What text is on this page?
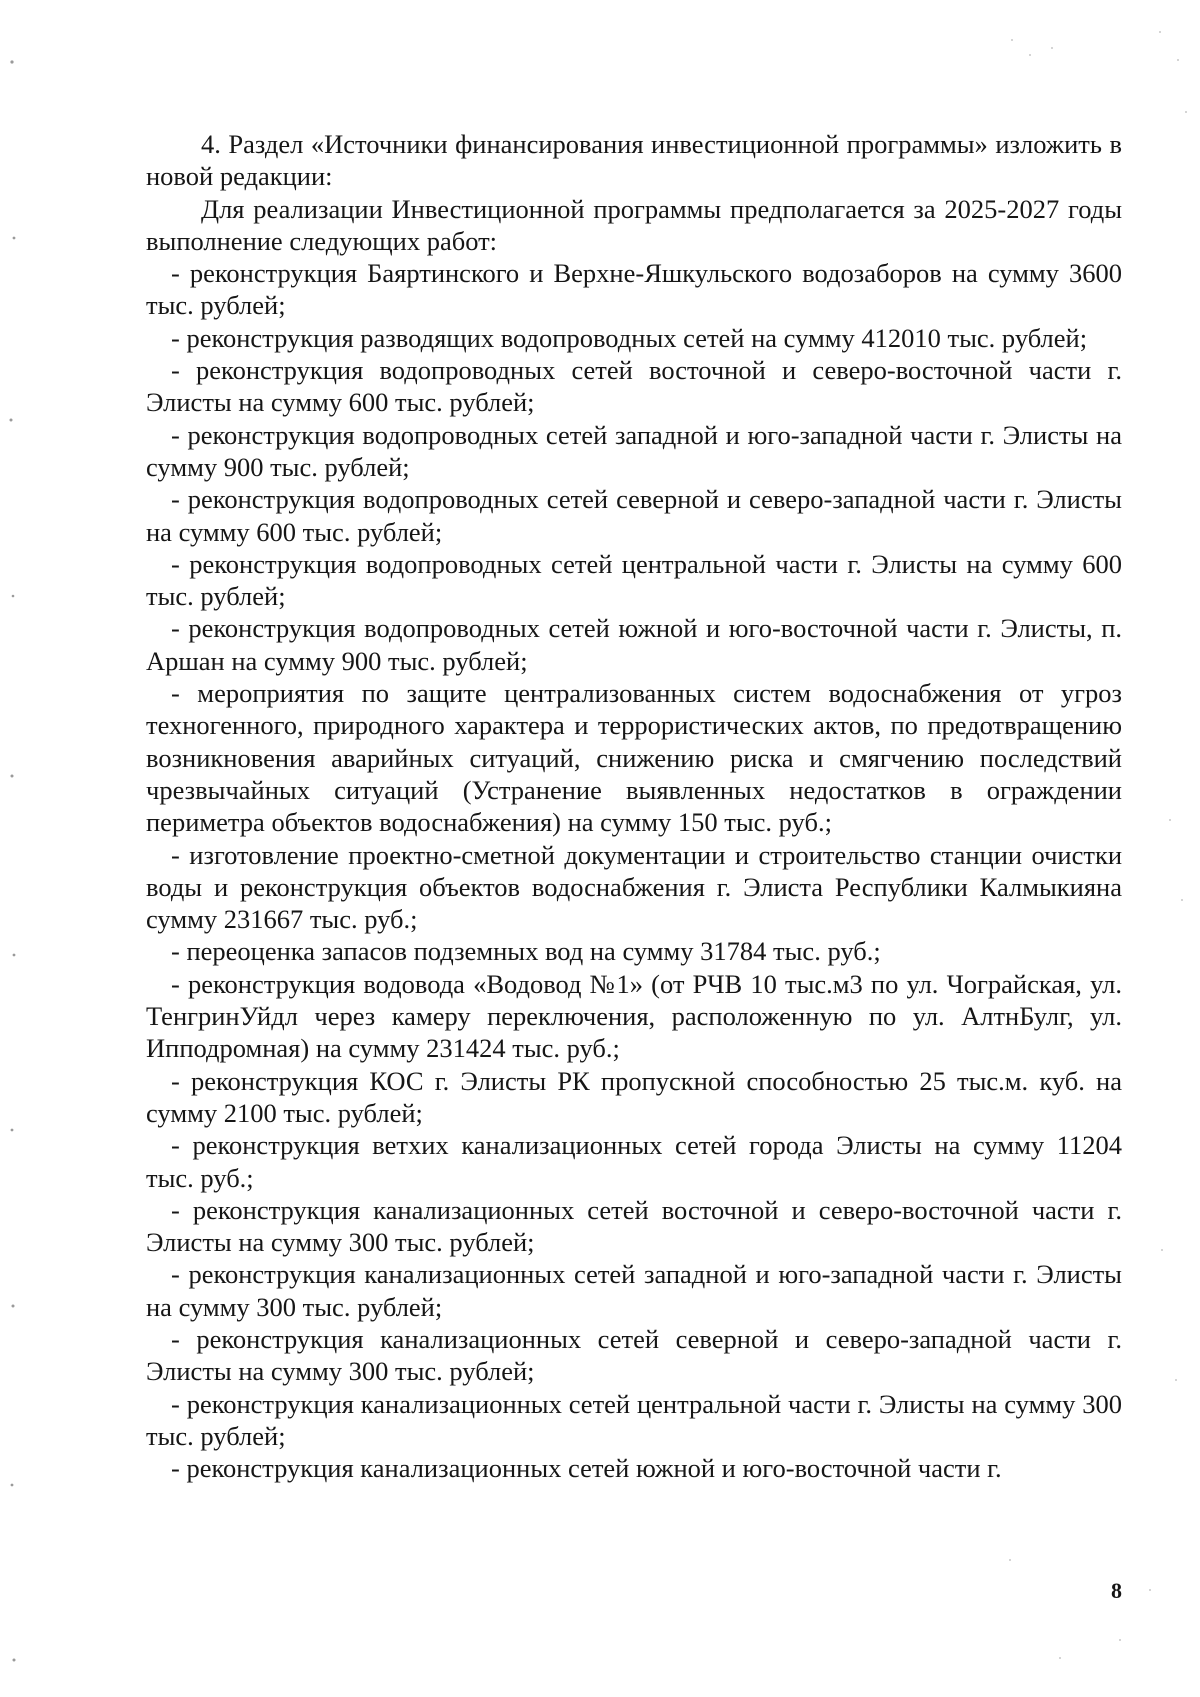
4. Раздел «Источники финансирования инвестиционной программы» изложить в новой редакции:

Для реализации Инвестиционной программы предполагается за 2025-2027 годы выполнение следующих работ:

- реконструкция Баяртинского и Верхне-Яшкульского водозаборов на сумму 3600 тыс. рублей;

- реконструкция разводящих водопроводных сетей на сумму 412010 тыс. рублей;

- реконструкция водопроводных сетей восточной и северо-восточной части г. Элисты на сумму 600 тыс. рублей;

- реконструкция водопроводных сетей западной и юго-западной части г. Элисты на сумму 900 тыс. рублей;

- реконструкция водопроводных сетей северной и северо-западной части г. Элисты на сумму 600 тыс. рублей;

- реконструкция водопроводных сетей центральной части г. Элисты на сумму 600 тыс. рублей;

- реконструкция водопроводных сетей южной и юго-восточной части г. Элисты, п. Аршан на сумму 900 тыс. рублей;

- мероприятия по защите централизованных систем водоснабжения от угроз техногенного, природного характера и террористических актов, по предотвращению возникновения аварийных ситуаций, снижению риска и смягчению последствий чрезвычайных ситуаций (Устранение выявленных недостатков в ограждении периметра объектов водоснабжения) на сумму 150 тыс. руб.;

- изготовление проектно-сметной документации и строительство станции очистки воды и реконструкция объектов водоснабжения г. Элиста Республики Калмыкияна сумму 231667 тыс. руб.;

- переоценка запасов подземных вод на сумму 31784 тыс. руб.;

- реконструкция водовода «Водовод №1» (от РЧВ 10 тыс.м3 по ул. Чограйская, ул. ТенгринУйдл через камеру переключения, расположенную по ул. АлтнБулг, ул. Ипподромная) на сумму 231424 тыс. руб.;

- реконструкция КОС г. Элисты РК пропускной способностью 25 тыс.м. куб. на сумму 2100 тыс. рублей;

- реконструкция ветхих канализационных сетей города Элисты на сумму 11204 тыс. руб.;

- реконструкция канализационных сетей восточной и северо-восточной части г. Элисты на сумму 300 тыс. рублей;

- реконструкция канализационных сетей западной и юго-западной части г. Элисты на сумму 300 тыс. рублей;

- реконструкция канализационных сетей северной и северо-западной части г. Элисты на сумму 300 тыс. рублей;

- реконструкция канализационных сетей центральной части г. Элисты на сумму 300 тыс. рублей;

- реконструкция канализационных сетей южной и юго-восточной части г.

8
